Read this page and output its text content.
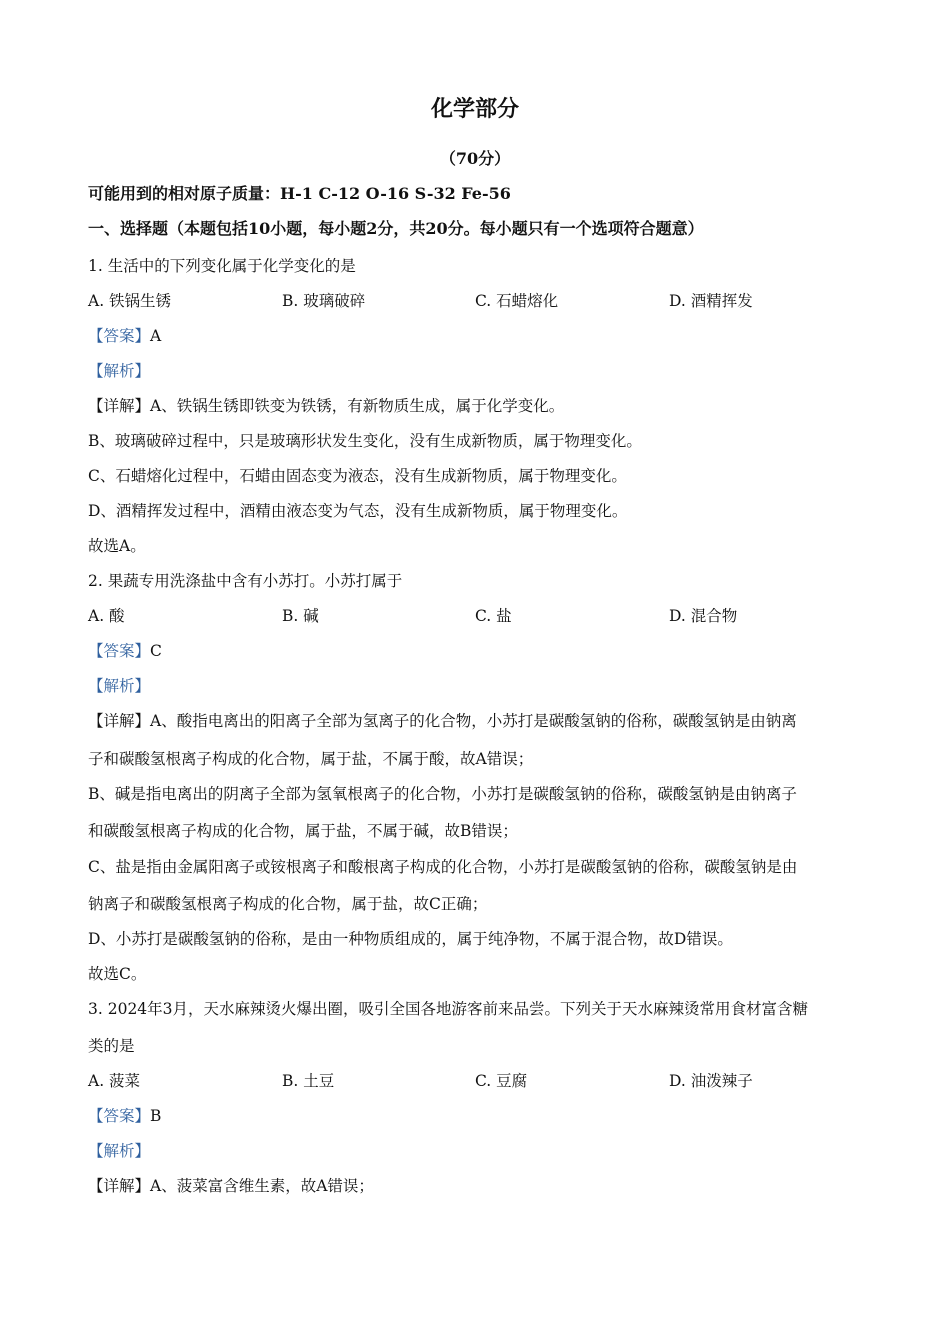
化学部分
（70分）
可能用到的相对原子质量：H-1 C-12 O-16 S-32 Fe-56
一、选择题（本题包括10小题，每小题2分，共20分。每小题只有一个选项符合题意）
1. 生活中的下列变化属于化学变化的是
A. 铁锅生锈	B. 玻璃破碎	C. 石蜡熔化	D. 酒精挥发
【答案】A
【解析】
【详解】A、铁锅生锈即铁变为铁锈，有新物质生成，属于化学变化。
B、玻璃破碎过程中，只是玻璃形状发生变化，没有生成新物质，属于物理变化。
C、石蜡熔化过程中，石蜡由固态变为液态，没有生成新物质，属于物理变化。
D、酒精挥发过程中，酒精由液态变为气态，没有生成新物质，属于物理变化。
故选A。
2. 果蔬专用洗涤盐中含有小苏打。小苏打属于
A. 酸	B. 碱	C. 盐	D. 混合物
【答案】C
【解析】
【详解】A、酸指电离出的阳离子全部为氢离子的化合物，小苏打是碳酸氢钠的俗称，碳酸氢钠是由钠离
子和碳酸氢根离子构成的化合物，属于盐，不属于酸，故A错误；
B、碱是指电离出的阴离子全部为氢氧根离子的化合物，小苏打是碳酸氢钠的俗称，碳酸氢钠是由钠离子
和碳酸氢根离子构成的化合物，属于盐，不属于碱，故B错误；
C、盐是指由金属阳离子或铵根离子和酸根离子构成的化合物，小苏打是碳酸氢钠的俗称，碳酸氢钠是由
钠离子和碳酸氢根离子构成的化合物，属于盐，故C正确；
D、小苏打是碳酸氢钠的俗称，是由一种物质组成的，属于纯净物，不属于混合物，故D错误。
故选C。
3. 2024年3月，天水麻辣烫火爆出圈，吸引全国各地游客前来品尝。下列关于天水麻辣烫常用食材富含糖
类的是
A. 菠菜	B. 土豆	C. 豆腐	D. 油泼辣子
【答案】B
【解析】
【详解】A、菠菜富含维生素，故A错误；
